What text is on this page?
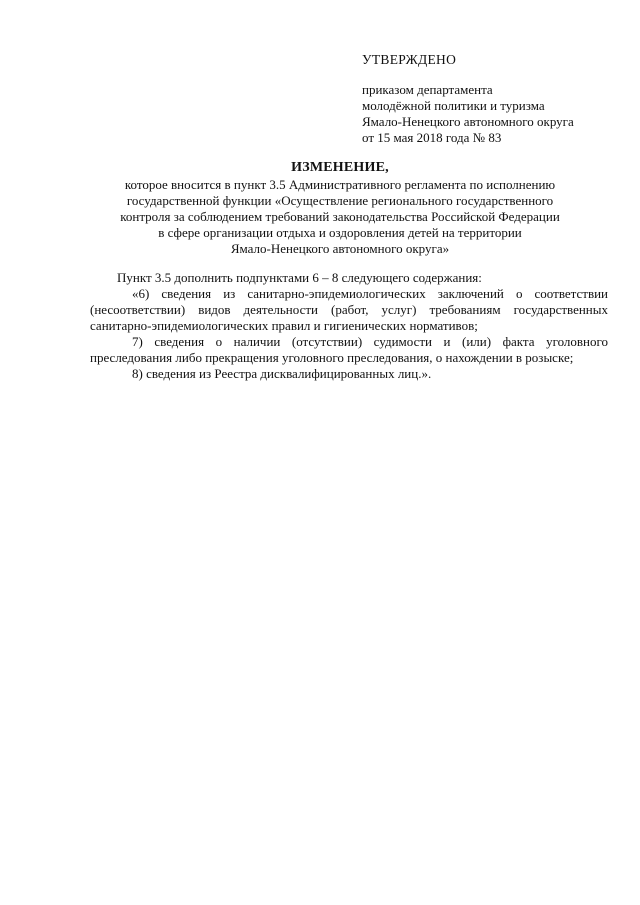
УТВЕРЖДЕНО
приказом департамента
молодёжной политики и туризма
Ямало-Ненецкого автономного округа
от 15 мая 2018 года № 83
ИЗМЕНЕНИЕ,
которое вносится в пункт 3.5 Административного регламента по исполнению
государственной функции «Осуществление регионального государственного
контроля за соблюдением требований законодательства Российской Федерации
в сфере организации отдыха и оздоровления детей на территории
Ямало-Ненецкого автономного округа»
Пункт 3.5 дополнить подпунктами 6 – 8 следующего содержания:

«6) сведения из санитарно-эпидемиологических заключений о соответствии (несоответствии) видов деятельности (работ, услуг) требованиям государственных санитарно-эпидемиологических правил и гигиенических нормативов;

7) сведения о наличии (отсутствии) судимости и (или) факта уголовного преследования либо прекращения уголовного преследования, о нахождении в розыске;

8) сведения из Реестра дисквалифицированных лиц.».
